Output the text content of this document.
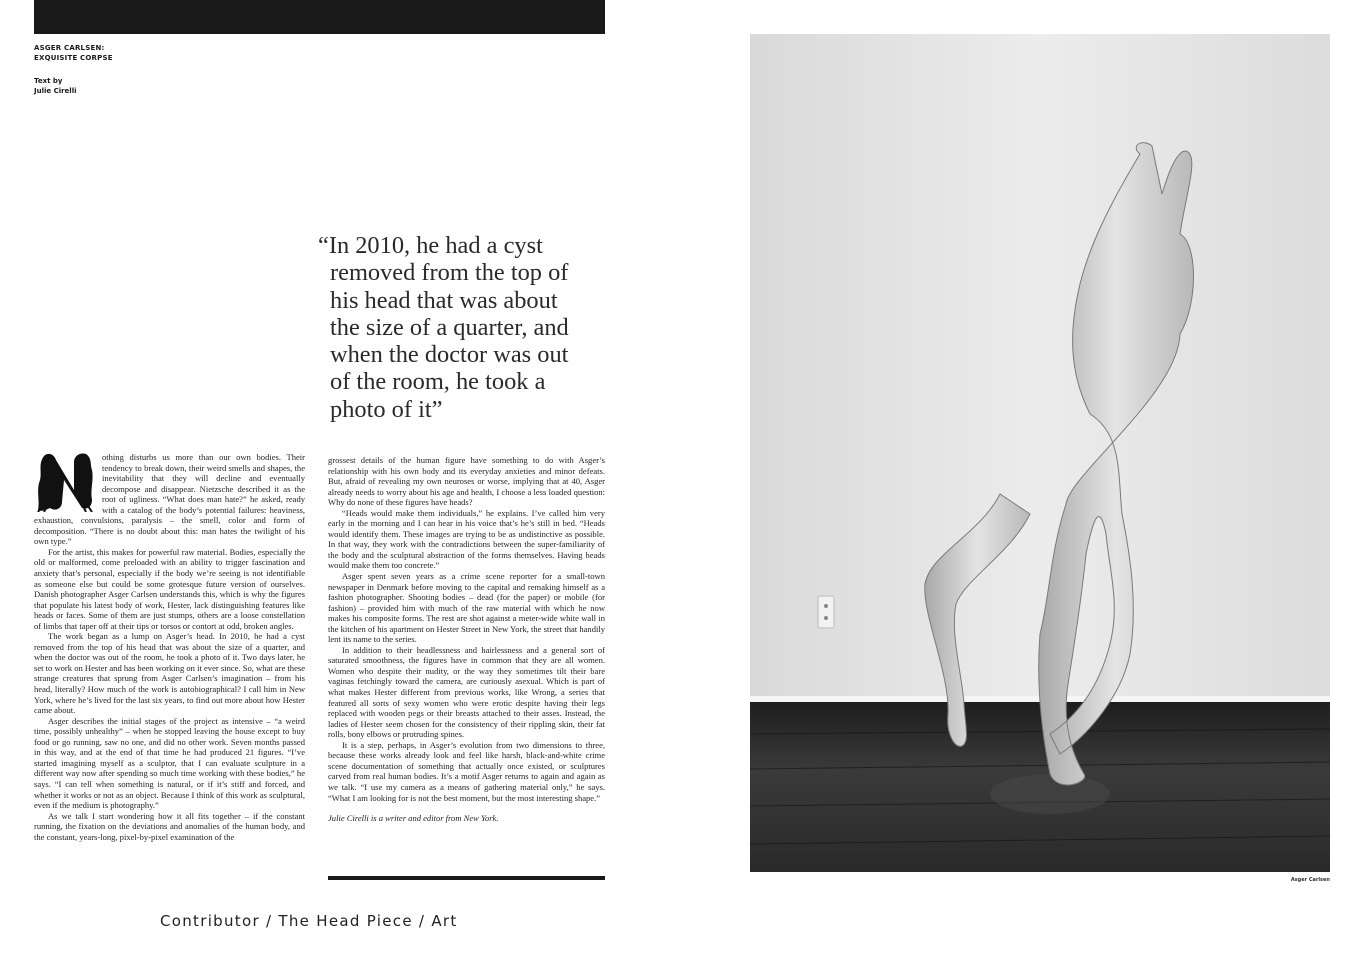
ASGER CARLSEN:
EXQUISITE CORPSE
Text by
Julie Cirelli
“In 2010, he had a cyst
removed from the top of
his head that was about
the size of a quarter, and
when the doctor was out
of the room, he took a
photo of it”

othing disturbs us more than our own bodies. Their tendency to break down, their weird smells and shapes, the inevitability that they will decline and eventually decompose and disappear. Nietzsche described it as the root of ugliness. “What does man hate?” he asked, ready with a catalog of the body’s potential failures: heaviness, exhaustion, convulsions, paralysis – the smell, color and form of decomposition. “There is no doubt about this: man hates the twilight of his own type.”

For the artist, this makes for powerful raw material. Bodies, especially the old or malformed, come preloaded with an ability to trigger fascination and anxiety that’s personal, especially if the body we’re seeing is not identifiable as someone else but could be some grotesque future version of ourselves. Danish photographer Asger Carlsen understands this, which is why the figures that populate his latest body of work, Hester, lack distinguishing features like heads or faces. Some of them are just stumps, others are a loose constellation of limbs that taper off at their tips or torsos or contort at odd, broken angles.

The work began as a lump on Asger’s head. In 2010, he had a cyst removed from the top of his head that was about the size of a quarter, and when the doctor was out of the room, he took a photo of it. Two days later, he set to work on Hester and has been working on it ever since. So, what are these strange creatures that sprung from Asger Carlsen’s imagination – from his head, literally? How much of the work is autobiographical? I call him in New York, where he’s lived for the last six years, to find out more about how Hester came about.

Asger describes the initial stages of the project as intensive – “a weird time, possibly unhealthy” – when he stopped leaving the house except to buy food or go running, saw no one, and did no other work. Seven months passed in this way, and at the end of that time he had produced 21 figures. “I’ve started imagining myself as a sculptor, that I can evaluate sculpture in a different way now after spending so much time working with these bodies,” he says. “I can tell when something is natural, or if it’s stiff and forced, and whether it works or not as an object. Because I think of this work as sculptural, even if the medium is photography.”

As we talk I start wondering how it all fits together – if the constant running, the fixation on the deviations and anomalies of the human body, and the constant, years-long, pixel-by-pixel examination of the

grossest details of the human figure have something to do with Asger’s relationship with his own body and its everyday anxieties and minor defeats. But, afraid of revealing my own neuroses or worse, implying that at 40, Asger already needs to worry about his age and health, I choose a less loaded question: Why do none of these figures have heads?

“Heads would make them individuals,” he explains. I’ve called him very early in the morning and I can hear in his voice that’s he’s still in bed. “Heads would identify them. These images are trying to be as undistinctive as possible. In that way, they work with the contradictions between the super-familiarity of the body and the sculptural abstraction of the forms themselves. Having heads would make them too concrete.”

Asger spent seven years as a crime scene reporter for a small-town newspaper in Denmark before moving to the capital and remaking himself as a fashion photographer. Shooting bodies – dead (for the paper) or mobile (for fashion) – provided him with much of the raw material with which he now makes his composite forms. The rest are shot against a meter-wide white wall in the kitchen of his apartment on Hester Street in New York, the street that handily lent its name to the series.

In addition to their headlessness and hairlessness and a general sort of saturated smoothness, the figures have in common that they are all women. Women who despite their nudity, or the way they sometimes tilt their bare vaginas fetchingly toward the camera, are curiously asexual. Which is part of what makes Hester different from previous works, like Wrong, a series that featured all sorts of sexy women who were erotic despite having their legs replaced with wooden pegs or their breasts attached to their asses. Instead, the ladies of Hester seem chosen for the consistency of their rippling skin, their fat rolls, bony elbows or protruding spines.

It is a step, perhaps, in Asger’s evolution from two dimensions to three, because these works already look and feel like harsh, black-and-white crime scene documentation of something that actually once existed, or sculptures carved from real human bodies. It’s a motif Asger returns to again and again as we talk. “I use my camera as a means of gathering material only,” he says. “What I am looking for is not the best moment, but the most interesting shape.”

Julie Cirelli is a writer and editor from New York.

Contributor / The Head Piece / Art
Asger Carlsen
